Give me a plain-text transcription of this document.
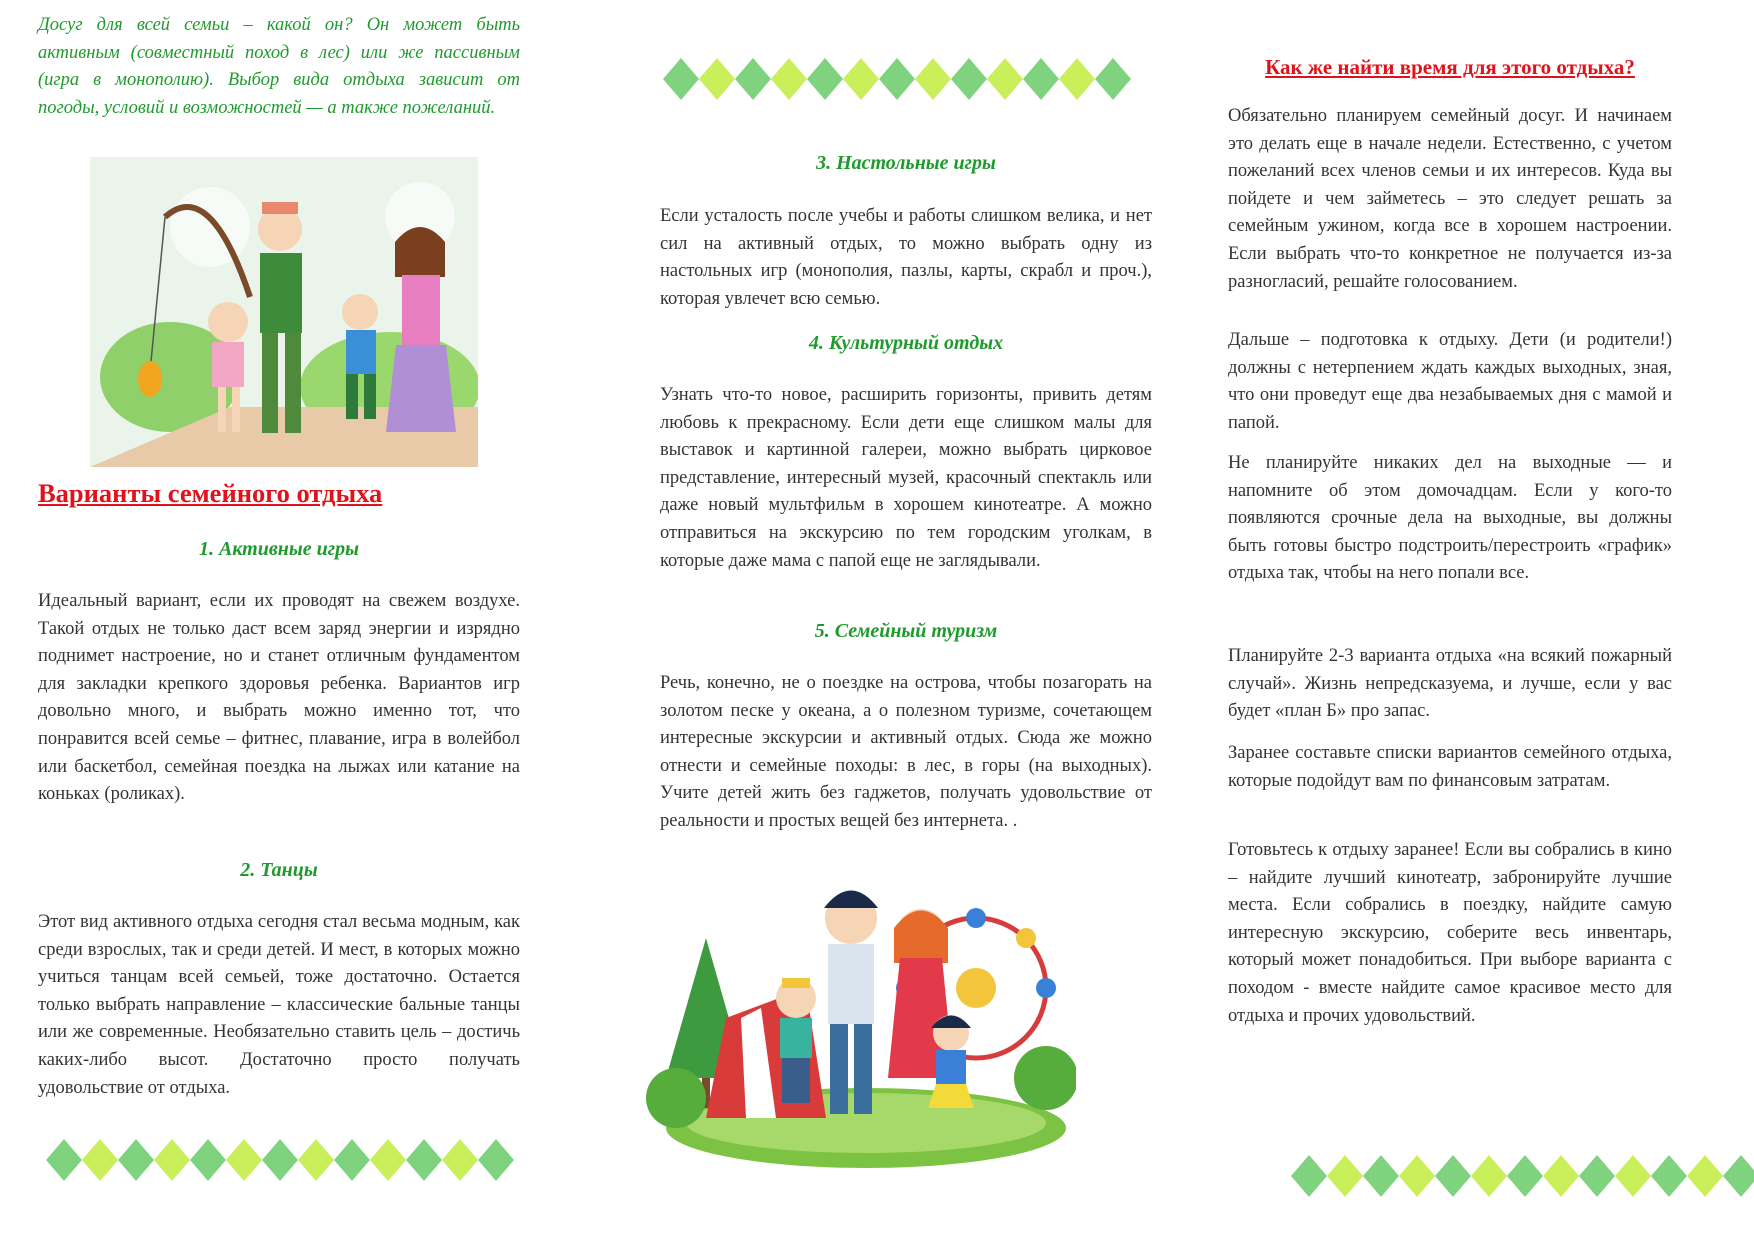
Досуг для всей семьи – какой он? Он может быть активным (совместный поход в лес) или же пассивным (игра в монополию). Выбор вида отдыха зависит от погоды, условий и возможностей — а также пожеланий.

Варианты семейного отдыха
1. Активные игры

Идеальный вариант, если их проводят на свежем воздухе. Такой отдых не только даст всем заряд энергии и изрядно поднимет настроение, но и станет отличным фундаментом для закладки крепкого здоровья ребенка. Вариантов игр довольно много, и выбрать можно именно тот, что понравится всей семье – фитнес, плавание, игра в волейбол или баскетбол, семейная поездка на лыжах или катание на коньках (роликах).

2. Танцы

Этот вид активного отдыха сегодня стал весьма модным, как среди взрослых, так и среди детей. И мест, в которых можно учиться танцам всей семьей, тоже достаточно. Остается только выбрать направление – классические бальные танцы или же современные. Необязательно ставить цель – достичь каких-либо высот. Достаточно просто получать удовольствие от отдыха.

3. Настольные игры

Если усталость после учебы и работы слишком велика, и нет сил на активный отдых, то можно выбрать одну из настольных игр (монополия, пазлы, карты, скрабл и проч.), которая увлечет всю семью.

4. Культурный отдых

Узнать что-то новое, расширить горизонты, привить детям любовь к прекрасному. Если дети еще слишком малы для выставок и картинной галереи, можно выбрать цирковое представление, интересный музей, красочный спектакль или даже новый мультфильм в хорошем кинотеатре. А можно отправиться на экскурсию по тем городским уголкам, в которые даже мама с папой еще не заглядывали.

5. Семейный туризм

Речь, конечно, не о поездке на острова, чтобы позагорать на золотом песке у океана, а о полезном туризме, сочетающем интересные экскурсии и активный отдых. Сюда же можно отнести и семейные походы: в лес, в горы (на выходных). Учите детей жить без гаджетов, получать удовольствие от реальности и простых вещей без интернета. .

Как же найти время для этого отдыха?

Обязательно планируем семейный досуг. И начинаем это делать еще в начале недели. Естественно, с учетом пожеланий всех членов семьи и их интересов. Куда вы пойдете и чем займетесь – это следует решать за семейным ужином, когда все в хорошем настроении. Если выбрать что-то конкретное не получается из-за разногласий, решайте голосованием.

Дальше – подготовка к отдыху. Дети (и родители!) должны с нетерпением ждать каждых выходных, зная, что они проведут еще два незабываемых дня с мамой и папой.

Не планируйте никаких дел на выходные — и напомните об этом домочадцам. Если у кого-то появляются срочные дела на выходные, вы должны быть готовы быстро подстроить/перестроить «график» отдыха так, чтобы на него попали все.

Планируйте 2-3 варианта отдыха «на всякий пожарный случай». Жизнь непредсказуема, и лучше, если у вас будет «план Б» про запас.

Заранее составьте списки вариантов семейного отдыха, которые подойдут вам по финансовым затратам.

Готовьтесь к отдыху заранее! Если вы собрались в кино – найдите лучший кинотеатр, забронируйте лучшие места. Если собрались в поездку, найдите самую интересную экскурсию, соберите весь инвентарь, который может понадобиться. При выборе варианта с походом - вместе найдите самое красивое место для отдыха и прочих удовольствий.
